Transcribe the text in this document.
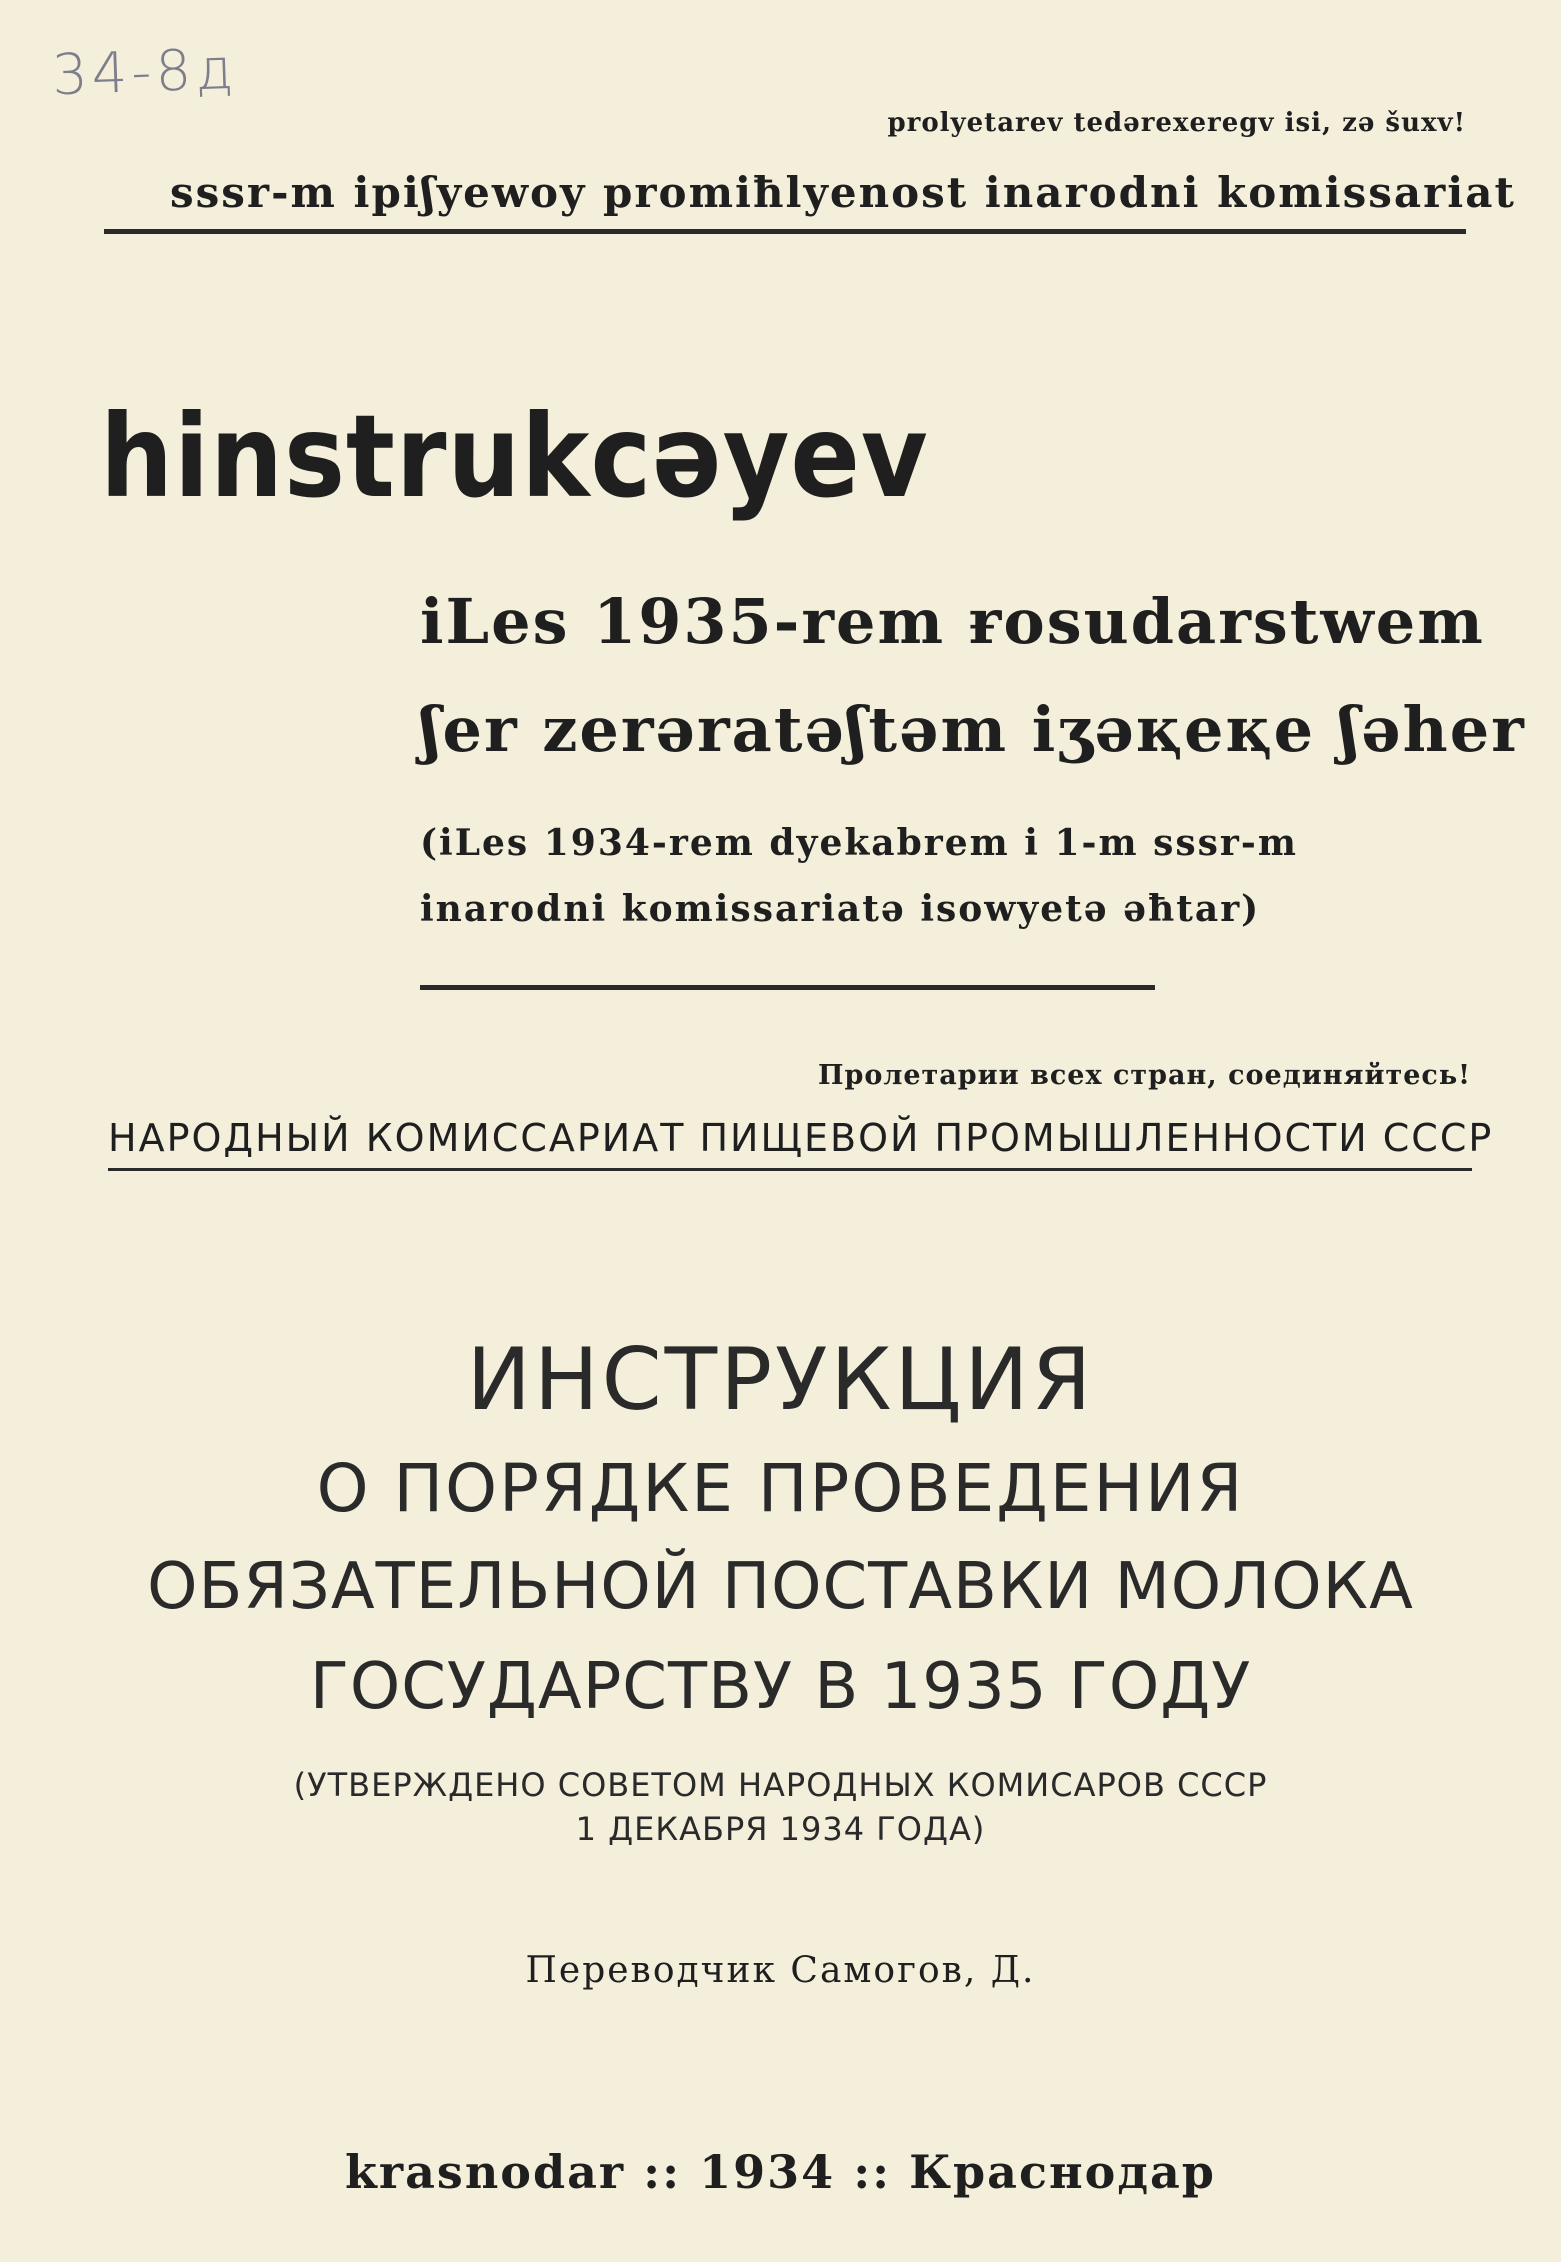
34-8д
prolyetarev tedərexeregv isi, zə šuxv!
sssr-m ipiʃyewoy promiħlyenost inarodni komissariat
hinstrukcəyev
iLes 1935-rem ɍosudarstwem
ʃer zerəratəʃtəm iʒəқeқe ʃəher
(iLes 1934-rem dyekabrem i 1-m sssr-m
inarodni komissariatə isowyetə əħtar)
Пролетарии всех стран, соединяйтесь!
НАРОДНЫЙ КОМИССАРИАТ ПИЩЕВОЙ ПРОМЫШЛЕННОСТИ СССР
ИНСТРУКЦИЯ
О ПОРЯДКЕ ПРОВЕДЕНИЯ
ОБЯЗАТЕЛЬНОЙ ПОСТАВКИ МОЛОКА
ГОСУДАРСТВУ В 1935 ГОДУ
(УТВЕРЖДЕНО СОВЕТОМ НАРОДНЫХ КОМИСАРОВ СССР
1 ДЕКАБРЯ 1934 ГОДА)
Переводчик Самогов, Д.
krasnodar :: 1934 :: Краснодар
